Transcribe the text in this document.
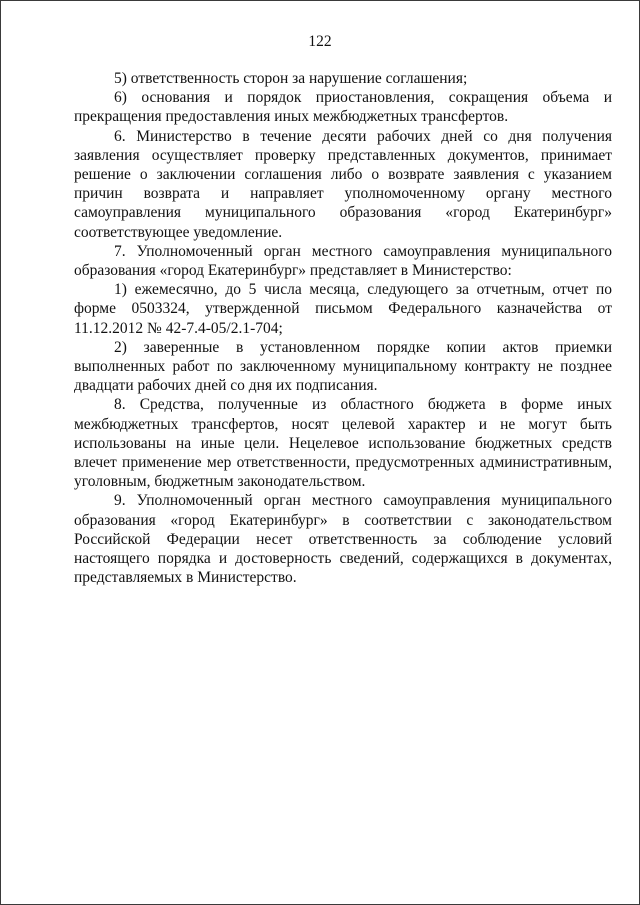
122

5) ответственность сторон за нарушение соглашения;

6) основания и порядок приостановления, сокращения объема и прекращения предоставления иных межбюджетных трансфертов.

6. Министерство в течение десяти рабочих дней со дня получения заявления осуществляет проверку представленных документов, принимает решение о заключении соглашения либо о возврате заявления с указанием причин возврата и направляет уполномоченному органу местного самоуправления муниципального образования «город Екатеринбург» соответствующее уведомление.

7. Уполномоченный орган местного самоуправления муниципального образования «город Екатеринбург» представляет в Министерство:

1) ежемесячно, до 5 числа месяца, следующего за отчетным, отчет по форме 0503324, утвержденной письмом Федерального казначейства от 11.12.2012 № 42-7.4-05/2.1-704;

2) заверенные в установленном порядке копии актов приемки выполненных работ по заключенному муниципальному контракту не позднее двадцати рабочих дней со дня их подписания.

8. Средства, полученные из областного бюджета в форме иных межбюджетных трансфертов, носят целевой характер и не могут быть использованы на иные цели. Нецелевое использование бюджетных средств влечет применение мер ответственности, предусмотренных административным, уголовным, бюджетным законодательством.

9. Уполномоченный орган местного самоуправления муниципального образования «город Екатеринбург» в соответствии с законодательством Российской Федерации несет ответственность за соблюдение условий настоящего порядка и достоверность сведений, содержащихся в документах, представляемых в Министерство.
